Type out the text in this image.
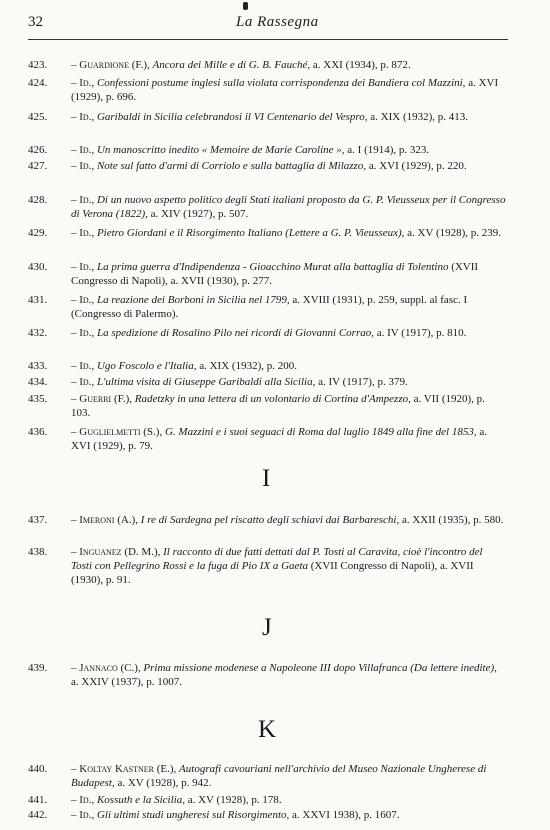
32	La Rassegna
423.	– Guardione (F.), Ancora dei Mille e di G. B. Fauché, a. XXI (1934), p. 872.
424.	– Id., Confessioni postume inglesi sulla violata corrispondenza dei Bandiera col Mazzini, a. XVI (1929), p. 696.
425.	– Id., Garibaldi in Sicilia celebrandosi il VI Centenario del Vespro, a. XIX (1932), p. 413.
426.	– Id., Un manoscritto inedito « Memoire de Marie Caroline », a. I (1914), p. 323.
427.	– Id., Note sul fatto d'armi di Corriolo e sulla battaglia di Milazzo, a. XVI (1929), p. 220.
428.	– Id., Di un nuovo aspetto politico degli Stati italiani proposto da G. P. Vieusseux per il Congresso di Verona (1822), a. XIV (1927), p. 507.
429.	– Id., Pietro Giordani e il Risorgimento Italiano (Lettere a G. P. Vieusseux), a. XV (1928), p. 239.
430.	– Id., La prima guerra d'Indipendenza - Gioacchino Murat alla battaglia di Tolentino (XVII Congresso di Napoli), a. XVII (1930), p. 277.
431.	– Id., La reazione dei Borboni in Sicilia nel 1799, a. XVIII (1931), p. 259, suppl. al fasc. I (Congresso di Palermo).
432.	– Id., La spedizione di Rosalino Pilo nei ricordi di Giovanni Corrao, a. IV (1917), p. 810.
433.	– Id., Ugo Foscolo e l'Italia, a. XIX (1932), p. 200.
434.	– Id., L'ultima visita di Giuseppe Garibaldi alla Sicilia, a. IV (1917), p. 379.
435.	– Guerri (F.), Radetzky in una lettera di un volontario di Cortina d'Ampezzo, a. VII (1920), p. 103.
436.	– Guglielmetti (S.), G. Mazzini e i suoi seguaci di Roma dal luglio 1849 alla fine del 1853, a. XVI (1929), p. 79.
I
437.	– Imeroni (A.), I re di Sardegna pel riscatto degli schiavi dai Barbareschi, a. XXII (1935), p. 580.
438.	– Inguanez (D. M.), Il racconto di due fatti dettati dal P. Tosti al Caravita, cioè l'incontro del Tosti con Pellegrino Rossi e la fuga di Pio IX a Gaeta (XVII Congresso di Napoli), a. XVII (1930), p. 91.
J
439.	– Jannaco (C.), Prima missione modenese a Napoleone III dopo Villafranca (Da lettere inedite), a. XXIV (1937), p. 1007.
K
440.	– Koltay Kastner (E.), Autografi cavouriani nell'archivio del Museo Nazionale Ungherese di Budapest, a. XV (1928), p. 942.
441.	– Id., Kossuth e la Sicilia, a. XV (1928), p. 178.
442.	– Id., Gli ultimi studi ungheresi sul Risorgimento, a. XXVI 1938), p. 1607.
